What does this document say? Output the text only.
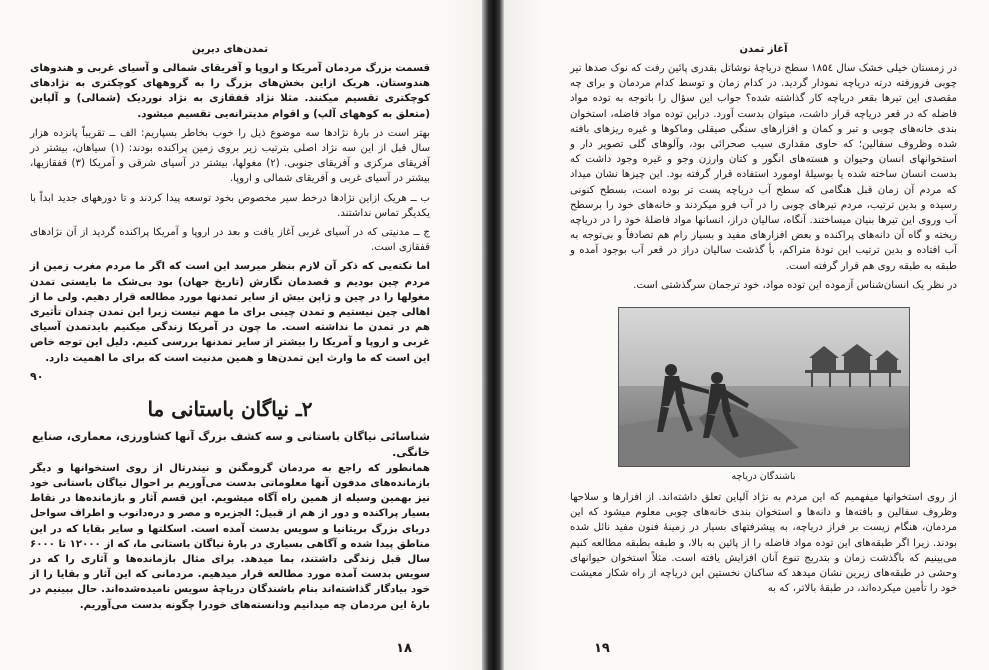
تمدن‌های دیرین

قسمت بزرگ مردمان آمریکا و اروپا و آفریقای شمالی و آسیای غربی و هندوهای هندوستان. هریک ازاین بخش‌های بزرگ را به گروههای کوچکتری به نژادهای کوچکتری تقسیم میکنند. مثلا نژاد قفقازی به نژاد نوردیک (شمالی) و آلپاین (متعلق به کوههای آلپ) و اقوام مدیترانه‌یی تقسیم میشود.

بهتر است در بارهٔ نژادها سه موضوع ذیل را خوب بخاطر بسپاریم: الف ــ تقریباً پانزده هزار سال قبل از این سه نژاد اصلی بترتیب زیر بروی زمین پراکنده بودند: (۱) سیاهان، بیشتر در آفریقای مرکزی و آفریقای جنوبی. (۲) مغولها، بیشتر در آسیای شرقی و آمریکا (۳) قفقازیها، بیشتر در آسیای غربی و آفریقای شمالی و اروپا.

ب ــ هریک ازاین نژادها درخط سیر مخصوص بخود توسعه پیدا کردند و تا دورههای جدید ابداً با یکدیگر تماس نداشتند.

ج ــ مدنیتی که در آسیای غربی آغاز یافت و بعد در اروپا و آمریکا پراکنده گردید از آن نژادهای قفقازی است.

اما نکته‌یی که ذکر آن لازم بنظر میرسد این است که اگر ما مردم مغرب زمین از مردم چین بودیم و قصدمان نگارش (تاریخ جهان) بود بی‌شک ما بایستی تمدن مغولها را در چین و ژاپن بیش از سایر تمدنها مورد مطالعه قرار دهیم. ولی ما از اهالی چین نیستیم و تمدن چینی برای ما مهم نیست زیرا این تمدن چندان تأثیری هم در تمدن ما نداشته است. ما چون در آمریکا زندگی میکنیم بایدتمدن آسیای غربی و اروپا و آمریکا را بیشتر از سایر تمدنها بررسی کنیم. دلیل این توجه خاص این است که ما وارث این تمدن‌ها و همین مدنیت است که برای ما اهمیت دارد.

۹۰
۲ـ نیاگان باستانی ما
شناسائی نیاگان باستانی و سه کشف بزرگ آنها کشاورزی، معماری، صنایع خانگی.

همانطور که راجع به مردمان گرومگنن و نیندرتال از روی استخوانها و دیگر بازمانده‌های مدفون آنها معلوماتی بدست می‌آوریم بر احوال نیاگان باستانی خود نیز بهمین وسیله از همین راه آگاه میشویم. این قسم آثار و بازمانده‌ها در نقاط بسیار پراکنده و دور از هم از قبیل: الجزیره و مصر و دره‌دانوب و اطراف سواحل دریای بزرگ بریتانیا و سویس بدست آمده است. اسکلتها و سایر بقایا که در این مناطق پیدا شده و آگاهی بسیاری در بارهٔ نیاگان باستانی ما، که از ۱۲۰۰۰ تا ۶۰۰۰ سال قبل زندگی داشتند، بما میدهد. برای مثال بازمانده‌ها و آثاری را که در سویس بدست آمده مورد مطالعه قرار میدهیم. مردمانی که این آثار و بقایا را از خود بیادگار گذاشته‌اند بنام باشندگان دریاچهٔ سویس نامیده‌شده‌اند. حال ببینیم در بارهٔ این مردمان چه میدانیم ودانسته‌های خودرا چگونه بدست می‌آوریم.

۱۸
آغاز تمدن

در زمستان خیلی خشک سال ۱۸۵٤ سطح دریاچهٔ نوشاتل بقدری پائین رفت که نوک صدها تیر چوبی فرورفته درته دریاچه نمودار گردید. در کدام زمان و توسط کدام مردمان و برای چه مقصدی این تیرها بقعر دریاچه کار گذاشته شده؟ جواب این سؤال را باتوجه به توده مواد فاضله که در قعر دریاچه قرار داشت، میتوان بدست آورد. دراین توده مواد فاضله، استخوان بندی خانه‌های چوبی و تبر و کمان و افزارهای سنگی صیقلی وماکوها و غیره ریزهای بافته شده وظروف سفالین؛ که حاوی مقداری سیب صحرائی بود، وآلوهای گلی تصویر دار و استخوانهای انسان وحیوان و هسته‌های انگور و کتان وارزن وجو و غیره وجود داشت که بدست انسان ساخته شده یا بوسیلهٔ اومورد استفاده قرار گرفته بود. این چیزها نشان میداد که مردم آن زمان قبل هنگامی که سطح آب دریاچه پست تر بوده است، بسطح کنونی رسیده و بدین ترتیب، مردم تیرهای چوبی را در آب فرو میکردند و خانه‌های خود را برسطح آب وروی این تیرها بنیان میساختند. آنگاه، سالیان دراز، انسانها مواد فاضلهٔ خود را در دریاچه ریخته و گاه آن‌ دانه‌های پراکنده و بعض افزارهای مفید و بسیار رام هم تصادفاً و بی‌توجه به آب افتاده و بدین ترتیب این تودهٔ متراکم، بأ گذشت سالیان دراز در قعر آب بوجود آمده و طبقه به طبقه روی هم قرار گرفته است.

در نظر یک انسان‌شناس آزموده این توده مواد، خود ترجمان سرگذشتی است.

باشندگان دریاچه

از روی استخوانها میفهمیم که این مردم به نژاد آلپاین تعلق داشته‌اند. از افزارها و سلاحها وظروف سفالین و بافته‌ها و دانه‌ها و استخوان بندی خانه‌های چوبی معلوم میشود که این مردمان، هنگام زیست بر فراز دریاچه، به پیشرفتهای بسیار در زمینهٔ فنون مفید نائل شده بودند. زیرا اگر طبقه‌های این توده مواد فاضله را از پائین به بالا، و طبقه بطبقه مطالعه کنیم می‌بینیم که باگذشت زمان و بتدریج تنوع آنان افزایش یافته است. مثلاً استخوان حیوانهای وحشی در طبقه‌های زیرین نشان میدهد که ساکنان نخستین این دریاچه از راه شکار معیشت خود را تأمین میکرده‌اند، در طبقهٔ بالاتر، که به

۱۹
